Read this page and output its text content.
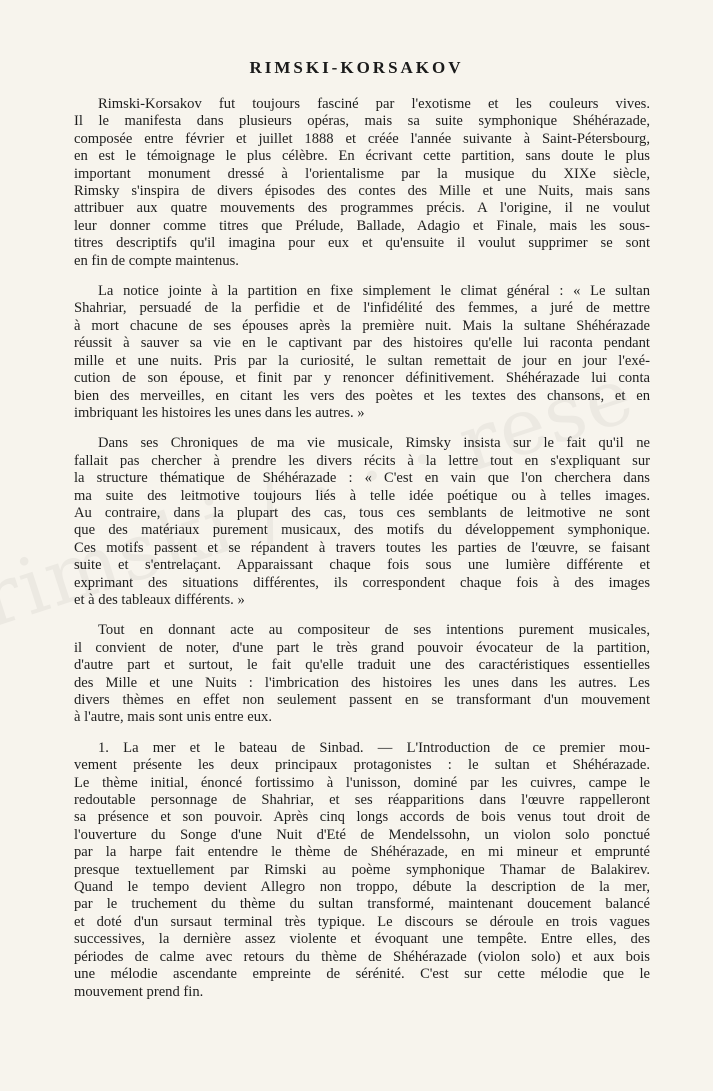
RIMSKI-KORSAKOV
Rimski-Korsakov fut toujours fasciné par l'exotisme et les couleurs vives.
Il le manifesta dans plusieurs opéras, mais sa suite symphonique Shéhérazade,
composée entre février et juillet 1888 et créée l'année suivante à Saint-Pétersbourg,
en est le témoignage le plus célèbre. En écrivant cette partition, sans doute le plus
important monument dressé à l'orientalisme par la musique du XIXe siècle,
Rimsky s'inspira de divers épisodes des contes des Mille et une Nuits, mais sans
attribuer aux quatre mouvements des programmes précis. A l'origine, il ne voulut
leur donner comme titres que Prélude, Ballade, Adagio et Finale, mais les sous-
titres descriptifs qu'il imagina pour eux et qu'ensuite il voulut supprimer se sont
en fin de compte maintenus.
La notice jointe à la partition en fixe simplement le climat général : « Le sultan
Shahriar, persuadé de la perfidie et de l'infidélité des femmes, a juré de mettre
à mort chacune de ses épouses après la première nuit. Mais la sultane Shéhérazade
réussit à sauver sa vie en le captivant par des histoires qu'elle lui raconta pendant
mille et une nuits. Pris par la curiosité, le sultan remettait de jour en jour l'exé-
cution de son épouse, et finit par y renoncer définitivement. Shéhérazade lui conta
bien des merveilles, en citant les vers des poètes et les textes des chansons, et en
imbriquant les histoires les unes dans les autres. »
Dans ses Chroniques de ma vie musicale, Rimsky insista sur le fait qu'il ne
fallait pas chercher à prendre les divers récits à la lettre tout en s'expliquant sur
la structure thématique de Shéhérazade : « C'est en vain que l'on cherchera dans
ma suite des leitmotive toujours liés à telle idée poétique ou à telles images.
Au contraire, dans la plupart des cas, tous ces semblants de leitmotive ne sont
que des matériaux purement musicaux, des motifs du développement symphonique.
Ces motifs passent et se répandent à travers toutes les parties de l'œuvre, se faisant
suite et s'entrelaçant. Apparaissant chaque fois sous une lumière différente et
exprimant des situations différentes, ils correspondent chaque fois à des images
et à des tableaux différents. »
Tout en donnant acte au compositeur de ses intentions purement musicales,
il convient de noter, d'une part le très grand pouvoir évocateur de la partition,
d'autre part et surtout, le fait qu'elle traduit une des caractéristiques essentielles
des Mille et une Nuits : l'imbrication des histoires les unes dans les autres. Les
divers thèmes en effet non seulement passent en se transformant d'un mouvement
à l'autre, mais sont unis entre eux.
1. La mer et le bateau de Sinbad. — L'Introduction de ce premier mou-
vement présente les deux principaux protagonistes : le sultan et Shéhérazade.
Le thème initial, énoncé fortissimo à l'unisson, dominé par les cuivres, campe le
redoutable personnage de Shahriar, et ses réapparitions dans l'œuvre rappelleront
sa présence et son pouvoir. Après cinq longs accords de bois venus tout droit de
l'ouverture du Songe d'une Nuit d'Eté de Mendelssohn, un violon solo ponctué
par la harpe fait entendre le thème de Shéhérazade, en mi mineur et emprunté
presque textuellement par Rimski au poème symphonique Thamar de Balakirev.
Quand le tempo devient Allegro non troppo, débute la description de la mer,
par le truchement du thème du sultan transformé, maintenant doucement balancé
et doté d'un sursaut terminal très typique. Le discours se déroule en trois vagues
successives, la dernière assez violente et évoquant une tempête. Entre elles, des
périodes de calme avec retours du thème de Shéhérazade (violon solo) et aux bois
une mélodie ascendante empreinte de sérénité. C'est sur cette mélodie que le
mouvement prend fin.
